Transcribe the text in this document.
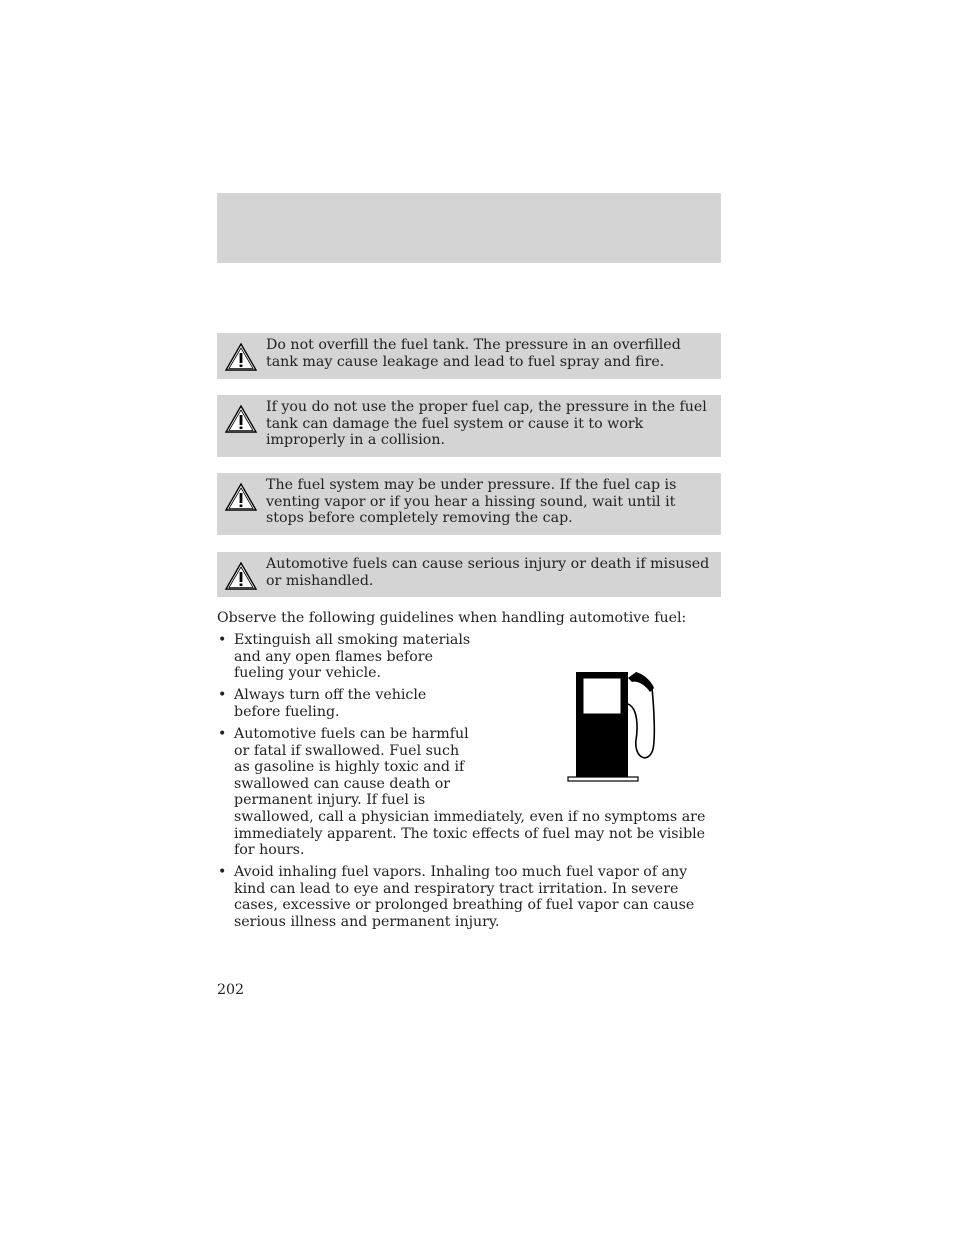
Do not overfill the fuel tank. The pressure in an overfilled tank may cause leakage and lead to fuel spray and fire.
If you do not use the proper fuel cap, the pressure in the fuel tank can damage the fuel system or cause it to work improperly in a collision.
The fuel system may be under pressure. If the fuel cap is venting vapor or if you hear a hissing sound, wait until it stops before completely removing the cap.
Automotive fuels can cause serious injury or death if misused or mishandled.
Observe the following guidelines when handling automotive fuel:
• Extinguish all smoking materials and any open flames before fueling your vehicle.
• Always turn off the vehicle before fueling.
• Automotive fuels can be harmful or fatal if swallowed. Fuel such as gasoline is highly toxic and if swallowed can cause death or permanent injury. If fuel is
swallowed, call a physician immediately, even if no symptoms are immediately apparent. The toxic effects of fuel may not be visible for hours.
• Avoid inhaling fuel vapors. Inhaling too much fuel vapor of any kind can lead to eye and respiratory tract irritation. In severe cases, excessive or prolonged breathing of fuel vapor can cause serious illness and permanent injury.
202
